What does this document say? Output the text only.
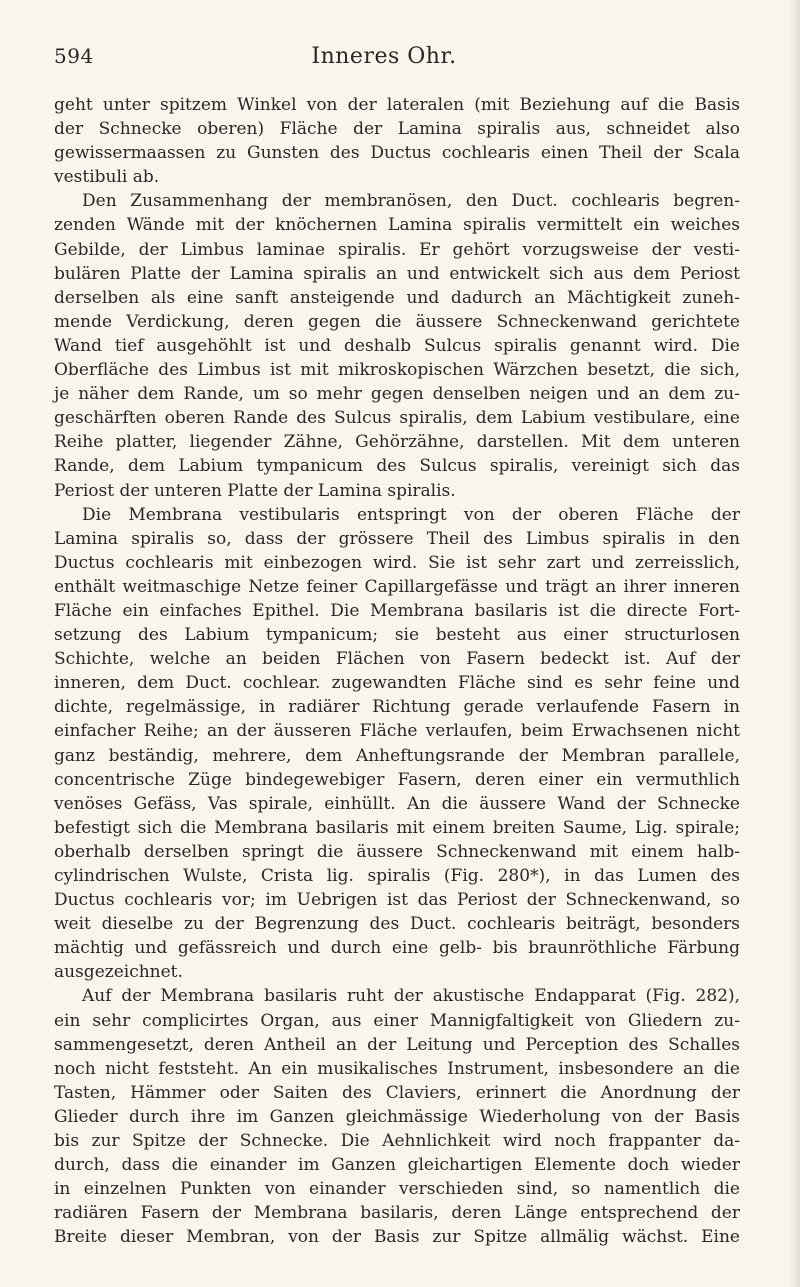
594	Inneres Ohr.
geht unter spitzem Winkel von der lateralen (mit Beziehung auf die Basis
der Schnecke oberen) Fläche der Lamina spiralis aus, schneidet also
gewissermaassen zu Gunsten des Ductus cochlearis einen Theil der Scala
vestibuli ab.
Den Zusammenhang der membranösen, den Duct. cochlearis begren-
zenden Wände mit der knöchernen Lamina spiralis vermittelt ein weiches
Gebilde, der Limbus laminae spiralis. Er gehört vorzugsweise der vesti-
bulären Platte der Lamina spiralis an und entwickelt sich aus dem Periost
derselben als eine sanft ansteigende und dadurch an Mächtigkeit zuneh-
mende Verdickung, deren gegen die äussere Schneckenwand gerichtete
Wand tief ausgehöhlt ist und deshalb Sulcus spiralis genannt wird. Die
Oberfläche des Limbus ist mit mikroskopischen Wärzchen besetzt, die sich,
je näher dem Rande, um so mehr gegen denselben neigen und an dem zu-
geschärften oberen Rande des Sulcus spiralis, dem Labium vestibulare, eine
Reihe platter, liegender Zähne, Gehörzähne, darstellen. Mit dem unteren
Rande, dem Labium tympanicum des Sulcus spiralis, vereinigt sich das
Periost der unteren Platte der Lamina spiralis.
Die Membrana vestibularis entspringt von der oberen Fläche der
Lamina spiralis so, dass der grössere Theil des Limbus spiralis in den
Ductus cochlearis mit einbezogen wird. Sie ist sehr zart und zerreisslich,
enthält weitmaschige Netze feiner Capillargefässe und trägt an ihrer inneren
Fläche ein einfaches Epithel. Die Membrana basilaris ist die directe Fort-
setzung des Labium tympanicum; sie besteht aus einer structurlosen
Schichte, welche an beiden Flächen von Fasern bedeckt ist. Auf der
inneren, dem Duct. cochlear. zugewandten Fläche sind es sehr feine und
dichte, regelmässige, in radiärer Richtung gerade verlaufende Fasern in
einfacher Reihe; an der äusseren Fläche verlaufen, beim Erwachsenen nicht
ganz beständig, mehrere, dem Anheftungsrande der Membran parallele,
concentrische Züge bindegewebiger Fasern, deren einer ein vermuthlich
venöses Gefäss, Vas spirale, einhüllt. An die äussere Wand der Schnecke
befestigt sich die Membrana basilaris mit einem breiten Saume, Lig. spirale;
oberhalb derselben springt die äussere Schneckenwand mit einem halb-
cylindrischen Wulste, Crista lig. spiralis (Fig. 280*), in das Lumen des
Ductus cochlearis vor; im Uebrigen ist das Periost der Schneckenwand, so
weit dieselbe zu der Begrenzung des Duct. cochlearis beiträgt, besonders
mächtig und gefässreich und durch eine gelb- bis braunröthliche Färbung
ausgezeichnet.
Auf der Membrana basilaris ruht der akustische Endapparat (Fig. 282),
ein sehr complicirtes Organ, aus einer Mannigfaltigkeit von Gliedern zu-
sammengesetzt, deren Antheil an der Leitung und Perception des Schalles
noch nicht feststeht. An ein musikalisches Instrument, insbesondere an die
Tasten, Hämmer oder Saiten des Claviers, erinnert die Anordnung der
Glieder durch ihre im Ganzen gleichmässige Wiederholung von der Basis
bis zur Spitze der Schnecke. Die Aehnlichkeit wird noch frappanter da-
durch, dass die einander im Ganzen gleichartigen Elemente doch wieder
in einzelnen Punkten von einander verschieden sind, so namentlich die
radiären Fasern der Membrana basilaris, deren Länge entsprechend der
Breite dieser Membran, von der Basis zur Spitze allmälig wächst. Eine
